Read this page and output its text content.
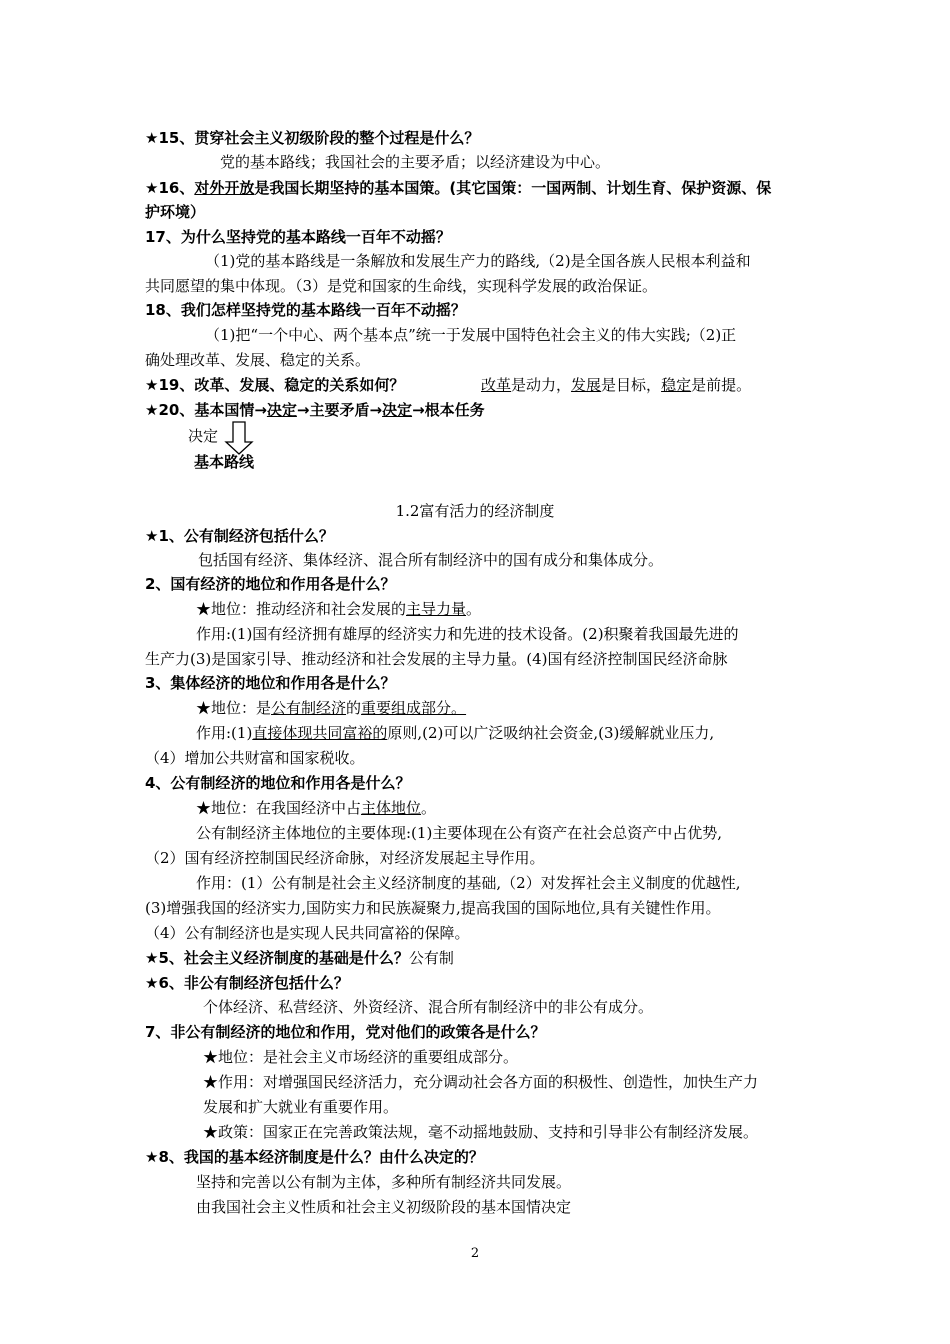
★15、贯穿社会主义初级阶段的整个过程是什么？
党的基本路线；我国社会的主要矛盾；以经济建设为中心。
★16、对外开放是我国长期坚持的基本国策。(其它国策：一国两制、计划生育、保护资源、保
护环境）
17、为什么坚持党的基本路线一百年不动摇？
（1)党的基本路线是一条解放和发展生产力的路线,（2)是全国各族人民根本利益和
共同愿望的集中体现。（3）是党和国家的生命线，实现科学发展的政治保证。
18、我们怎样坚持党的基本路线一百年不动摇？
（1)把“一个中心、两个基本点”统一于发展中国特色社会主义的伟大实践;（2)正
确处理改革、发展、稳定的关系。
★19、改革、发展、稳定的关系如何？	改革是动力，发展是目标，稳定是前提。
★20、基本国情→决定→主要矛盾→决定→根本任务
决定
基本路线
1.2富有活力的经济制度
★1、公有制经济包括什么？
包括国有经济、集体经济、混合所有制经济中的国有成分和集体成分。
2、国有经济的地位和作用各是什么？
★地位：推动经济和社会发展的主导力量。
作用:(1)国有经济拥有雄厚的经济实力和先进的技术设备。(2)积聚着我国最先进的
生产力(3)是国家引导、推动经济和社会发展的主导力量。(4)国有经济控制国民经济命脉
3、集体经济的地位和作用各是什么？
★地位：是公有制经济的重要组成部分。
作用:(1)直接体现共同富裕的原则,(2)可以广泛吸纳社会资金,(3)缓解就业压力,
（4）增加公共财富和国家税收。
4、公有制经济的地位和作用各是什么？
★地位：在我国经济中占主体地位。
公有制经济主体地位的主要体现:(1)主要体现在公有资产在社会总资产中占优势,
（2）国有经济控制国民经济命脉，对经济发展起主导作用。
作用：(1）公有制是社会主义经济制度的基础,（2）对发挥社会主义制度的优越性,
(3)增强我国的经济实力,国防实力和民族凝聚力,提高我国的国际地位,具有关键性作用。
（4）公有制经济也是实现人民共同富裕的保障。
★5、社会主义经济制度的基础是什么？公有制
★6、非公有制经济包括什么？
个体经济、私营经济、外资经济、混合所有制经济中的非公有成分。
7、非公有制经济的地位和作用，党对他们的政策各是什么？
★地位：是社会主义市场经济的重要组成部分。
★作用：对增强国民经济活力，充分调动社会各方面的积极性、创造性，加快生产力
发展和扩大就业有重要作用。
★政策：国家正在完善政策法规，毫不动摇地鼓励、支持和引导非公有制经济发展。
★8、我国的基本经济制度是什么？由什么决定的？
坚持和完善以公有制为主体，多种所有制经济共同发展。
由我国社会主义性质和社会主义初级阶段的基本国情决定
2
